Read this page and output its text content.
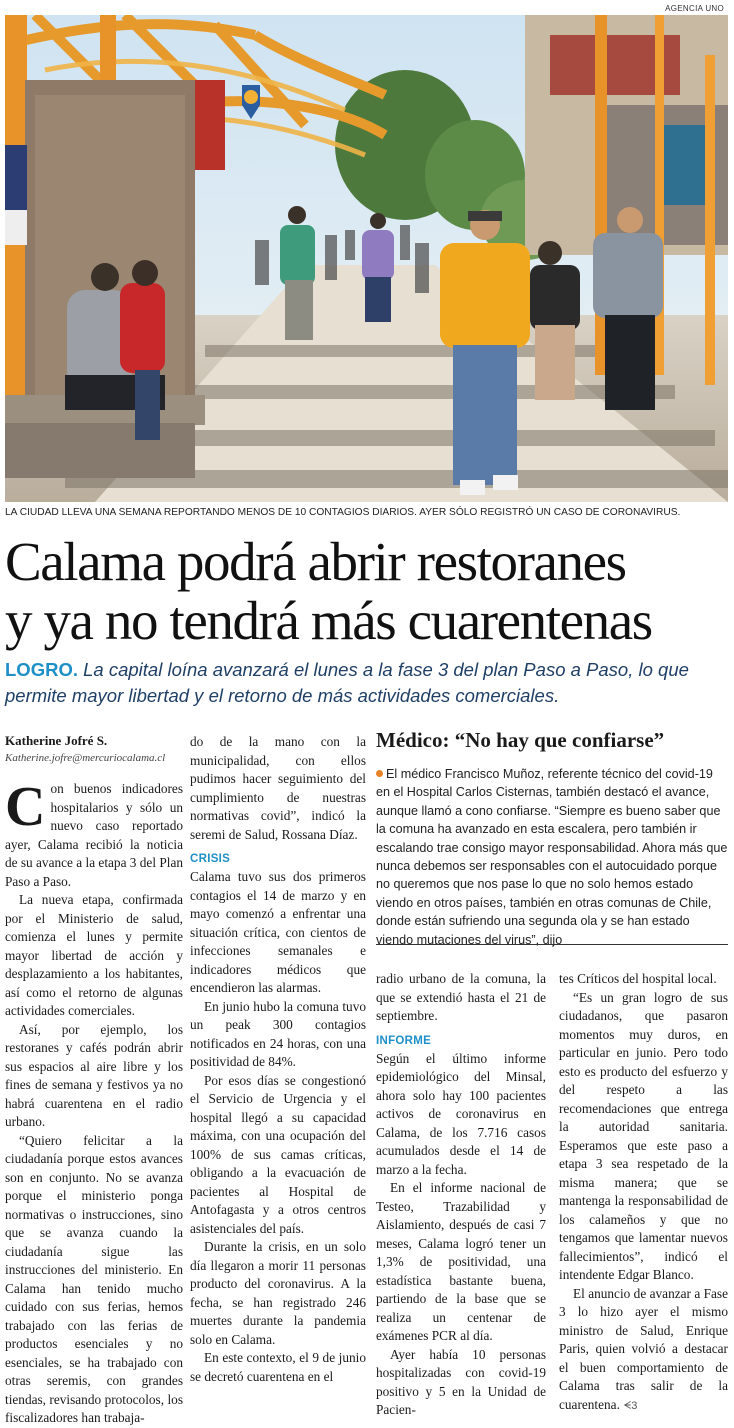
AGENCIA UNO
LA CIUDAD LLEVA UNA SEMANA REPORTANDO MENOS DE 10 CONTAGIOS DIARIOS. AYER SÓLO REGISTRÓ UN CASO DE CORONAVIRUS.
Calama podrá abrir restoranes
y ya no tendrá más cuarentenas
LOGRO. La capital loína avanzará el lunes a la fase 3 del plan Paso a Paso, lo que permite mayor libertad y el retorno de más actividades comerciales.
Katherine Jofré S.
Katherine.jofre@mercuriocalama.cl

Con buenos indicadores hospitalarios y sólo un nuevo caso reportado ayer, Calama recibió la noticia de su avance a la etapa 3 del Plan Paso a Paso.

La nueva etapa, confirmada por el Ministerio de salud, comienza el lunes y permite mayor libertad de acción y desplazamiento a los habitantes, así como el retorno de algunas actividades comerciales.

Así, por ejemplo, los restoranes y cafés podrán abrir sus espacios al aire libre y los fines de semana y festivos ya no habrá cuarentena en el radio urbano.

“Quiero felicitar a la ciudadanía porque estos avances son en conjunto. No se avanza porque el ministerio ponga normativas o instrucciones, sino que se avanza cuando la ciudadanía sigue las instrucciones del ministerio. En Calama han tenido mucho cuidado con sus ferias, hemos trabajado con las ferias de productos esenciales y no esenciales, se ha trabajado con otras seremis, con grandes tiendas, revisando protocolos, los fiscalizadores han trabaja-

do de la mano con la municipalidad, con ellos pudimos hacer seguimiento del cumplimiento de nuestras normativas covid”, indicó la seremi de Salud, Rossana Díaz.

CRISIS

Calama tuvo sus dos primeros contagios el 14 de marzo y en mayo comenzó a enfrentar una situación crítica, con cientos de infecciones semanales e indicadores médicos que encendieron las alarmas.

En junio hubo la comuna tuvo un peak 300 contagios notificados en 24 horas, con una positividad de 84%.

Por esos días se congestionó el Servicio de Urgencia y el hospital llegó a su capacidad máxima, con una ocupación del 100% de sus camas críticas, obligando a la evacuación de pacientes al Hospital de Antofagasta y a otros centros asistenciales del país.

Durante la crisis, en un solo día llegaron a morir 11 personas producto del coronavirus. A la fecha, se han registrado 246 muertes durante la pandemia solo en Calama.

En este contexto, el 9 de junio se decretó cuarentena en el

Médico: “No hay que confiarse”
El médico Francisco Muñoz, referente técnico del covid-19 en el Hospital Carlos Cisternas, también destacó el avance, aunque llamó a cono confiarse. “Siempre es bueno saber que la comuna ha avanzado en esta escalera, pero también ir escalando trae consigo mayor responsabilidad. Ahora más que nunca debemos ser responsables con el autocuidado porque no queremos que nos pase lo que no solo hemos estado viendo en otros países, también en otras comunas de Chile, donde están sufriendo una segunda ola y se han estado viendo mutaciones del virus”, dijo

radio urbano de la comuna, la que se extendió hasta el 21 de septiembre.

INFORME

Según el último informe epidemiológico del Minsal, ahora solo hay 100 pacientes activos de coronavirus en Calama, de los 7.716 casos acumulados desde el 14 de marzo a la fecha.

En el informe nacional de Testeo, Trazabilidad y Aislamiento, después de casi 7 meses, Calama logró tener un 1,3% de positividad, una estadística bastante buena, partiendo de la base que se realiza un centenar de exámenes PCR al día.

Ayer había 10 personas hospitalizadas con covid-19 positivo y 5 en la Unidad de Pacien-

tes Críticos del hospital local.

“Es un gran logro de sus ciudadanos, que pasaron momentos muy duros, en particular en junio. Pero todo esto es producto del esfuerzo y del respeto a las recomendaciones que entrega la autoridad sanitaria. Esperamos que este paso a etapa 3 sea respetado de la misma manera; que se mantenga la responsabilidad de los calameños y que no tengamos que lamentar nuevos fallecimientos”, indicó el intendente Edgar Blanco.

El anuncio de avanzar a Fase 3 lo hizo ayer el mismo ministro de Salud, Enrique Paris, quien volvió a destacar el buen comportamiento de Calama tras salir de la cuarentena. ᗕ3
